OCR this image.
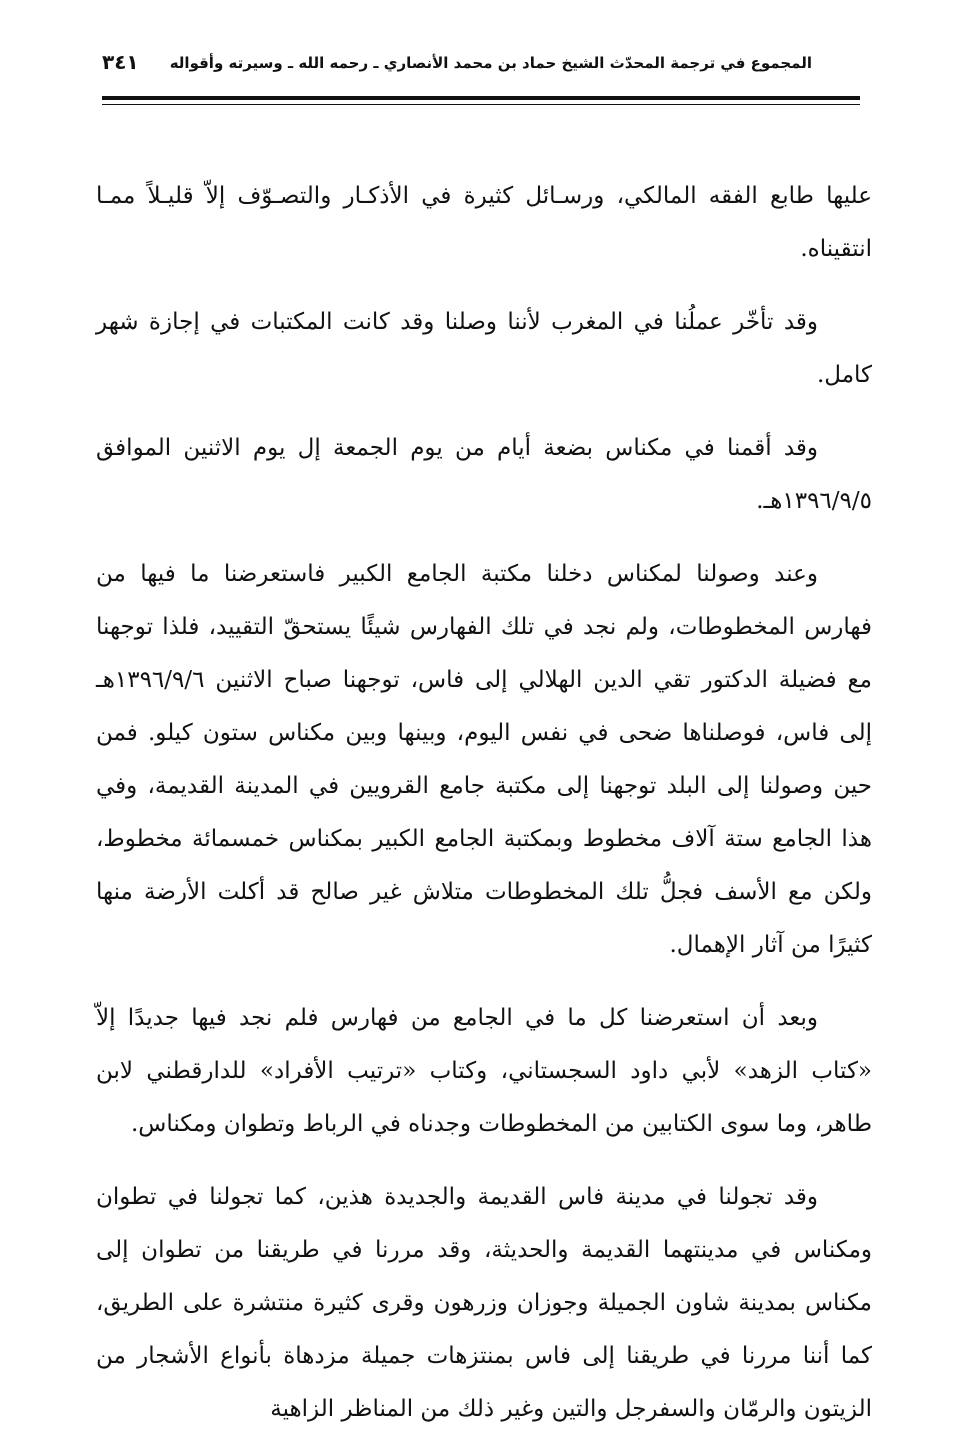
المجموع في ترجمة المحدّث الشيخ حماد بن محمد الأنصاري ـ رحمه الله ـ وسيرته وأقواله
٣٤١

عليها طابع الفقه المالكي، ورسـائل كثيرة في الأذكـار والتصـوّف إلاّ قليـلاً ممـا انتقيناه.

وقد تأخّر عملُنا في المغرب لأننا وصلنا وقد كانت المكتبات في إجازة شهر كامل.

وقد أقمنا في مكناس بضعة أيام من يوم الجمعة إل يوم الاثنين الموافق ١٣٩٦/٩/٥هـ.

وعند وصولنا لمكناس دخلنا مكتبة الجامع الكبير فاستعرضنا ما فيها من فهارس المخطوطات، ولم نجد في تلك الفهارس شيئًا يستحقّ التقييد، فلذا توجهنا مع فضيلة الدكتور تقي الدين الهلالي إلى فاس، توجهنا صباح الاثنين ١٣٩٦/٩/٦هـ إلى فاس، فوصلناها ضحى في نفس اليوم، وبينها وبين مكناس ستون كيلو. فمن حين وصولنا إلى البلد توجهنا إلى مكتبة جامع القرويين في المدينة القديمة، وفي هذا الجامع ستة آلاف مخطوط وبمكتبة الجامع الكبير بمكناس خمسمائة مخطوط، ولكن مع الأسف فجلُّ تلك المخطوطات متلاش غير صالح قد أكلت الأرضة منها كثيرًا من آثار الإهمال.

وبعد أن استعرضنا كل ما في الجامع من فهارس فلم نجد فيها جديدًا إلاّ «كتاب الزهد» لأبي داود السجستاني، وكتاب «ترتيب الأفراد» للدارقطني لابن طاهر، وما سوى الكتابين من المخطوطات وجدناه في الرباط وتطوان ومكناس.

وقد تجولنا في مدينة فاس القديمة والجديدة هذين، كما تجولنا في تطوان ومكناس في مدينتهما القديمة والحديثة، وقد مررنا في طريقنا من تطوان إلى مكناس بمدينة شاون الجميلة وجوزان وزرهون وقرى كثيرة منتشرة على الطريق، كما أننا مررنا في طريقنا إلى فاس بمنتزهات جميلة مزدهاة بأنواع الأشجار من الزيتون والرمّان والسفرجل والتين وغير ذلك من المناظر الزاهية
